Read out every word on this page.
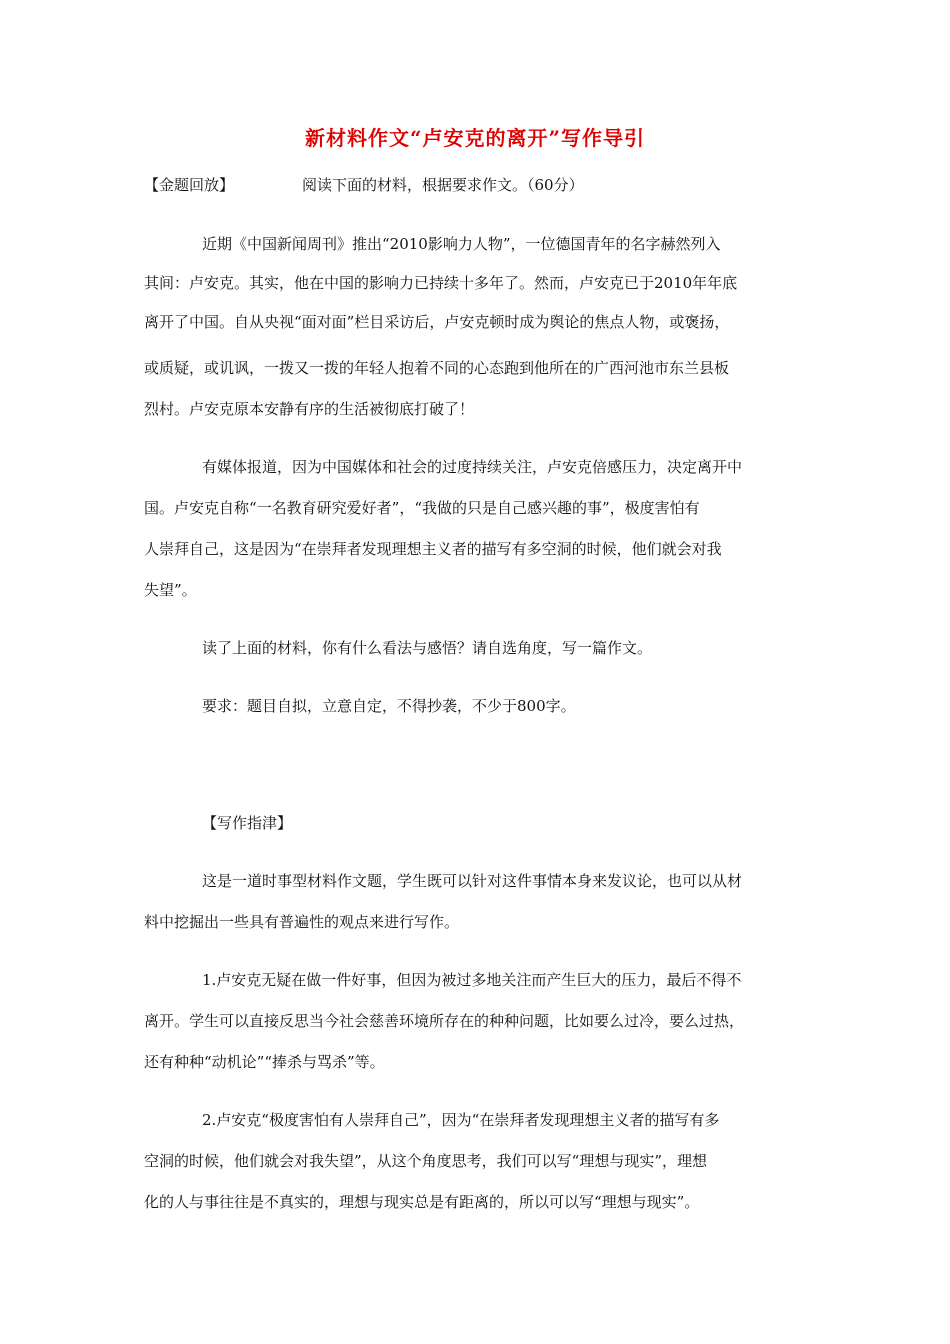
新材料作文“卢安克的离开”写作导引
【金题回放】	阅读下面的材料，根据要求作文。（60分）
近期《中国新闻周刊》推出“2010影响力人物”，一位德国青年的名字赫然列入
其间：卢安克。其实，他在中国的影响力已持续十多年了。然而，卢安克已于2010年年底
离开了中国。自从央视“面对面”栏目采访后，卢安克顿时成为舆论的焦点人物，或褒扬，
或质疑，或讥讽，一拨又一拨的年轻人抱着不同的心态跑到他所在的广西河池市东兰县板
烈村。卢安克原本安静有序的生活被彻底打破了！
有媒体报道，因为中国媒体和社会的过度持续关注，卢安克倍感压力，决定离开中
国。卢安克自称“一名教育研究爱好者”，“我做的只是自己感兴趣的事”，极度害怕有
人崇拜自己，这是因为“在崇拜者发现理想主义者的描写有多空洞的时候，他们就会对我
失望”。
读了上面的材料，你有什么看法与感悟？请自选角度，写一篇作文。
要求：题目自拟，立意自定，不得抄袭，不少于800字。
【写作指津】
这是一道时事型材料作文题，学生既可以针对这件事情本身来发议论，也可以从材
料中挖掘出一些具有普遍性的观点来进行写作。
1.卢安克无疑在做一件好事，但因为被过多地关注而产生巨大的压力，最后不得不
离开。学生可以直接反思当今社会慈善环境所存在的种种问题，比如要么过冷，要么过热，
还有种种“动机论”“捧杀与骂杀”等。
2.卢安克“极度害怕有人崇拜自己”，因为“在崇拜者发现理想主义者的描写有多
空洞的时候，他们就会对我失望”，从这个角度思考，我们可以写“理想与现实”，理想
化的人与事往往是不真实的，理想与现实总是有距离的，所以可以写“理想与现实”。
